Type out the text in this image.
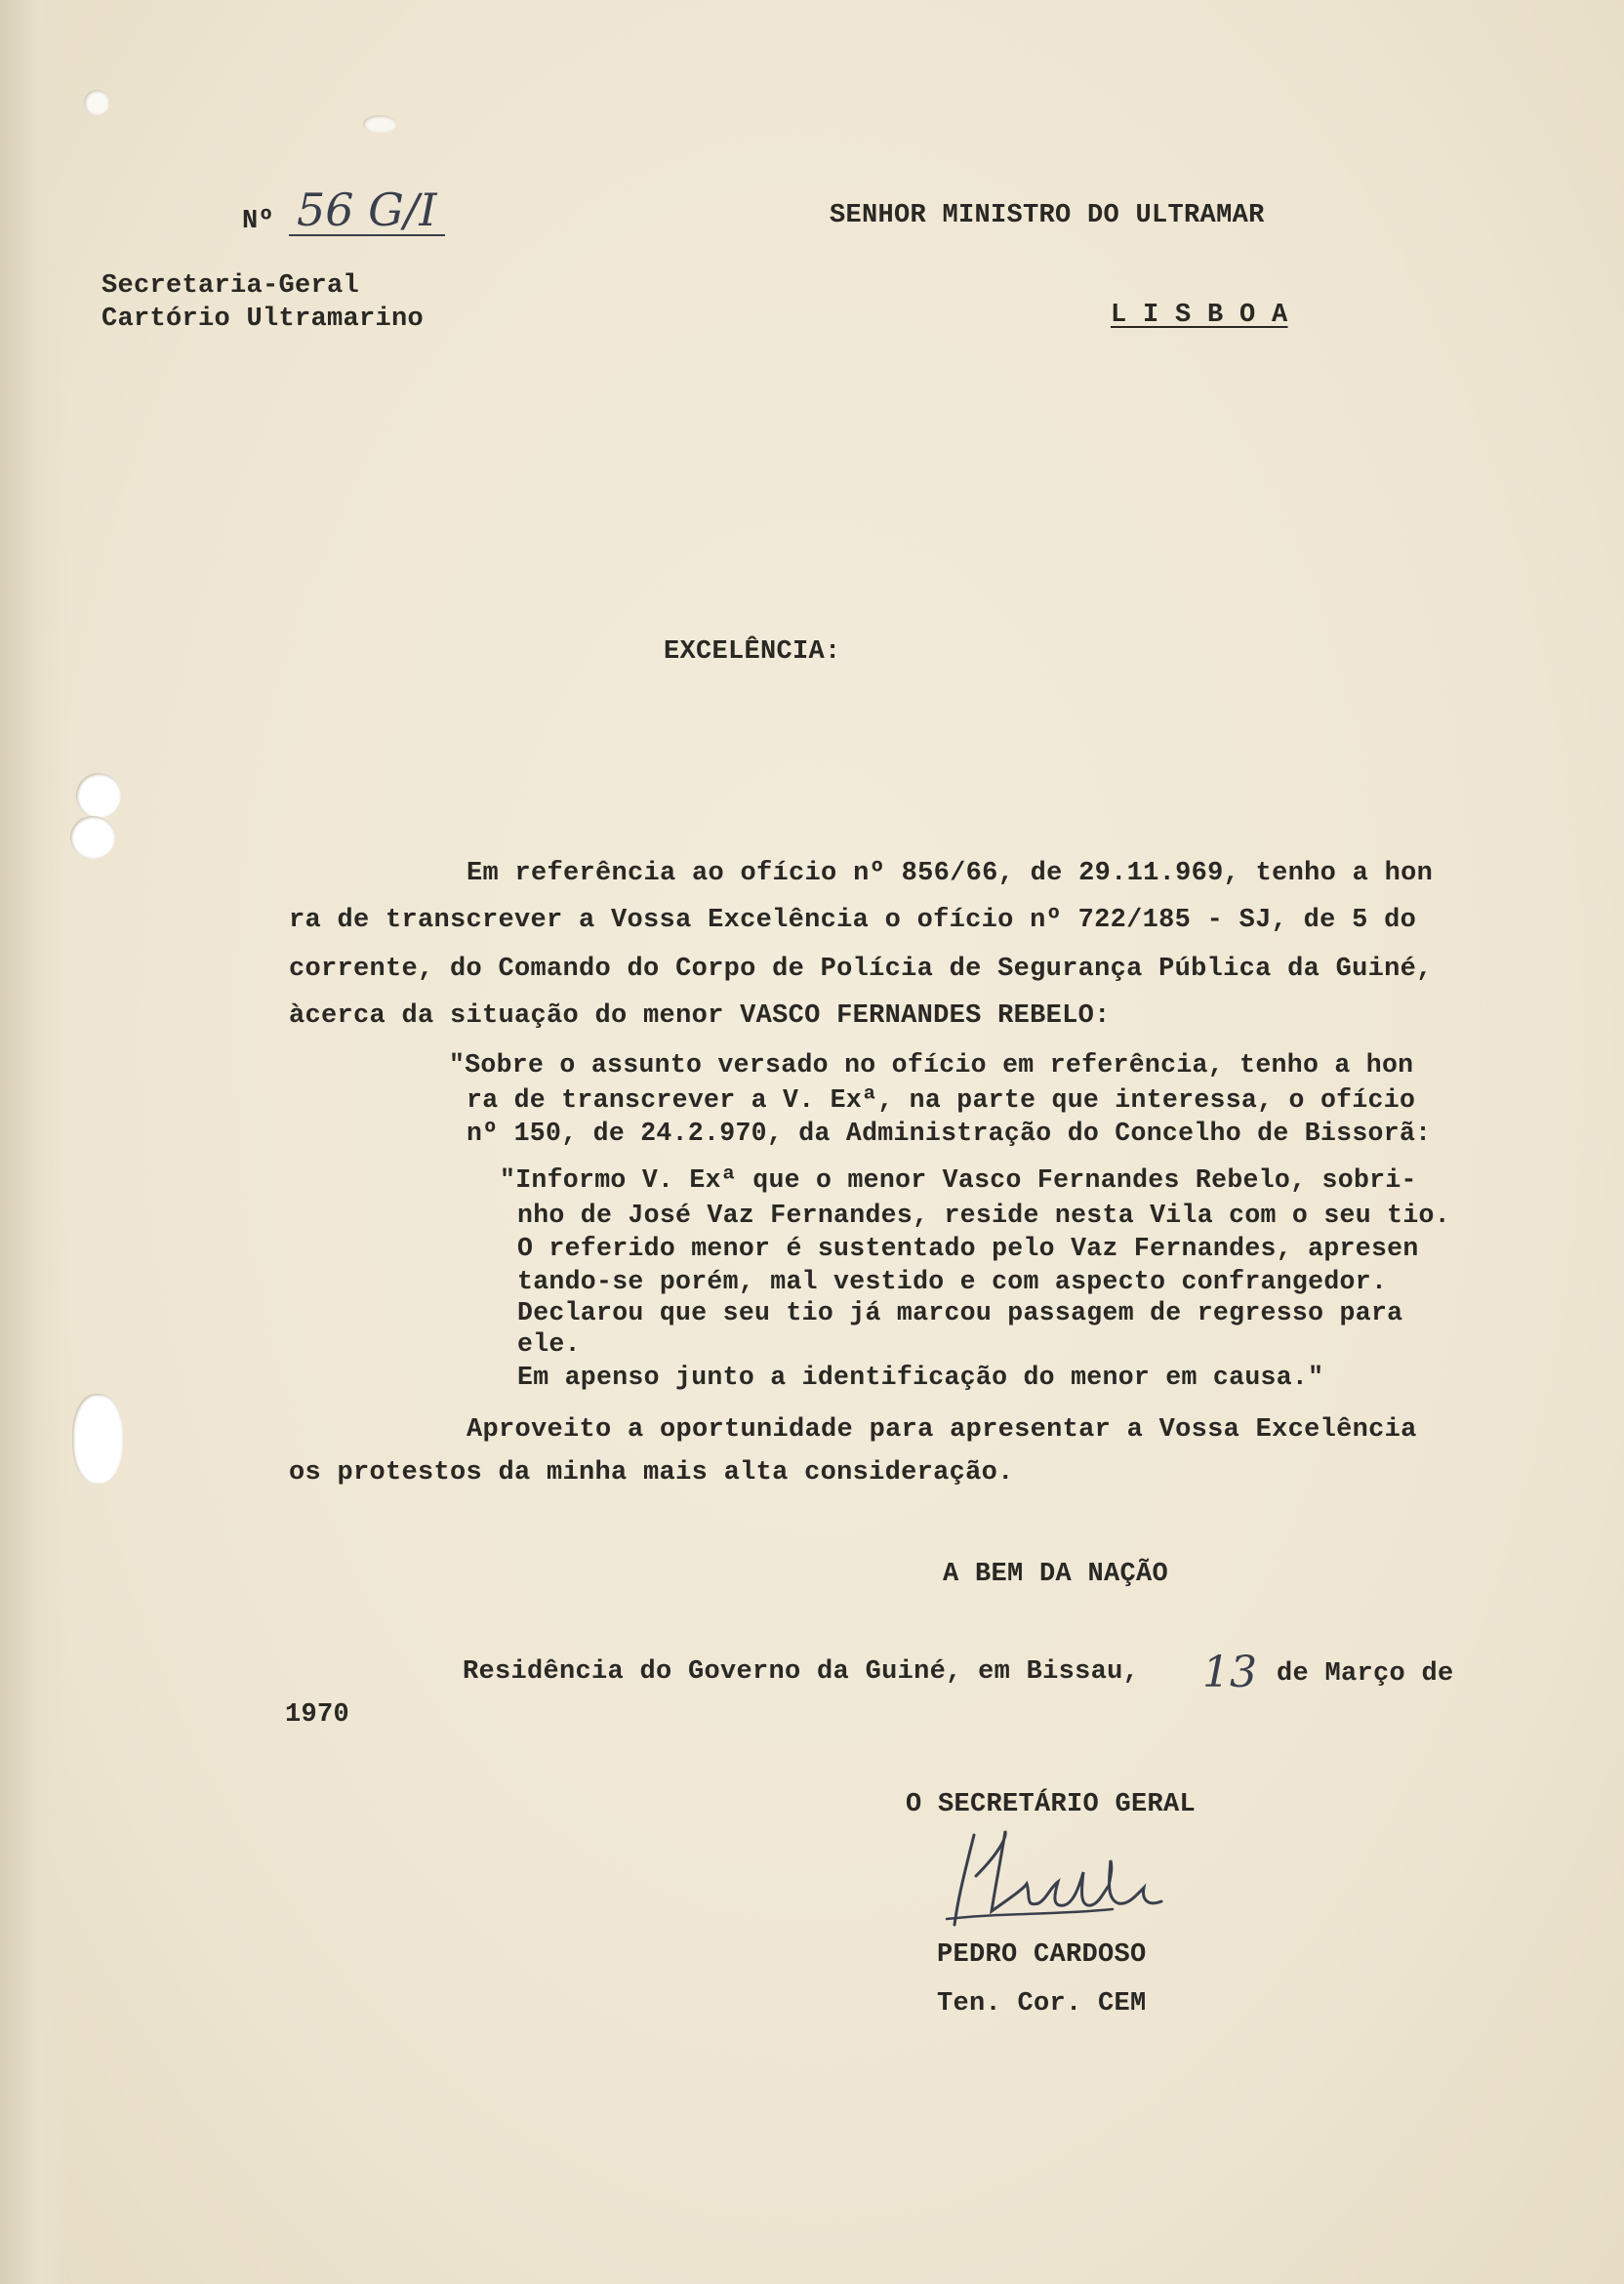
Nº 56 G/I
Secretaria-Geral
Cartório Ultramarino
SENHOR MINISTRO DO ULTRAMAR
L I S B O A
EXCELÊNCIA:
Em referência ao ofício nº 856/66, de 29.11.969, tenho a hon
ra de transcrever a Vossa Excelência o ofício nº 722/185 - SJ, de 5 do
corrente, do Comando do Corpo de Polícia de Segurança Pública da Guiné,
àcerca da situação do menor VASCO FERNANDES REBELO:
"Sobre o assunto versado no ofício em referência, tenho a hon
ra de transcrever a V. Exª, na parte que interessa, o ofício
nº 150, de 24.2.970, da Administração do Concelho de Bissorã:
"Informo V. Exª que o menor Vasco Fernandes Rebelo, sobri-
nho de José Vaz Fernandes, reside nesta Vila com o seu tio.
O referido menor é sustentado pelo Vaz Fernandes, apresen
tando-se porém, mal vestido e com aspecto confrangedor.
Declarou que seu tio já marcou passagem de regresso para
ele.
Em apenso junto a identificação do menor em causa."
Aproveito a oportunidade para apresentar a Vossa Excelência
os protestos da minha mais alta consideração.
A BEM DA NAÇÃO
Residência do Governo da Guiné, em Bissau, 13 de Março de
1970
O SECRETÁRIO GERAL
PEDRO CARDOSO
Ten. Cor. CEM
